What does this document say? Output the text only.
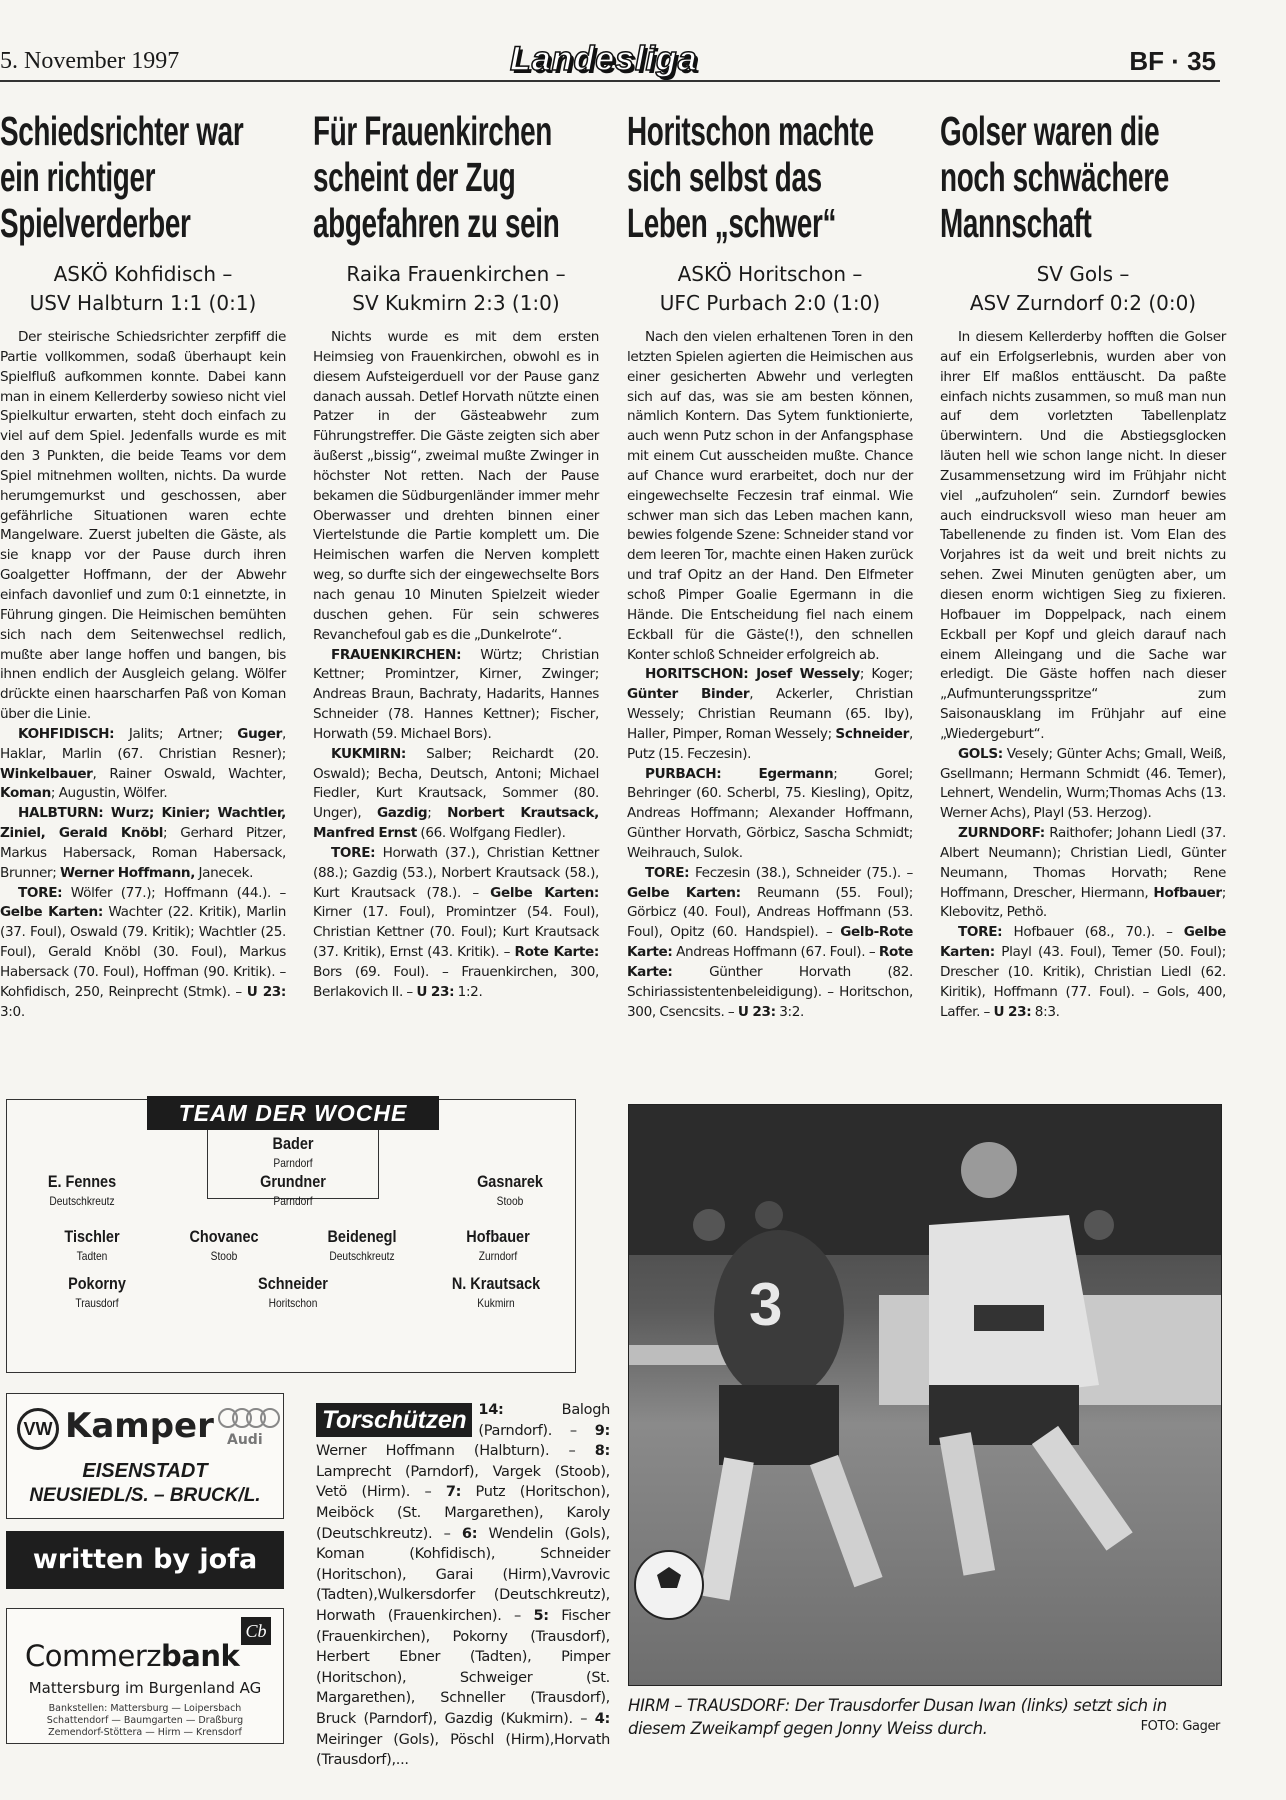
5. November 1997	Landesliga	BF · 35
Schiedsrichter war
ein richtiger
Spielverderber
ASKÖ Kohfidisch –
USV Halbturn 1:1 (0:1)

Der steirische Schiedsrichter zerpfiff die Partie vollkommen, sodaß überhaupt kein Spielfluß aufkommen konnte. Dabei kann man in einem Kellerderby sowieso nicht viel Spielkultur erwarten, steht doch einfach zu viel auf dem Spiel. Jedenfalls wurde es mit den 3 Punkten, die beide Teams vor dem Spiel mitnehmen wollten, nichts. Da wurde herumgemurkst und geschossen, aber gefährliche Situationen waren echte Mangelware. Zuerst jubelten die Gäste, als sie knapp vor der Pause durch ihren Goalgetter Hoffmann, der der Abwehr einfach davonlief und zum 0:1 einnetzte, in Führung gingen. Die Heimischen bemühten sich nach dem Seitenwechsel redlich, mußte aber lange hoffen und bangen, bis ihnen endlich der Ausgleich gelang. Wölfer drückte einen haarscharfen Paß von Koman über die Linie.

KOHFIDISCH: Jalits; Artner; Guger, Haklar, Marlin (67. Christian Resner); Winkelbauer, Rainer Oswald, Wachter, Koman; Augustin, Wölfer.

HALBTURN: Wurz; Kinier; Wachtler, Ziniel, Gerald Knöbl; Gerhard Pitzer, Markus Habersack, Roman Habersack, Brunner; Werner Hoffmann, Janecek.

TORE: Wölfer (77.); Hoffmann (44.). – Gelbe Karten: Wachter (22. Kritik), Marlin (37. Foul), Oswald (79. Kritik); Wachtler (25. Foul), Gerald Knöbl (30. Foul), Markus Habersack (70. Foul), Hoffman (90. Kritik). – Kohfidisch, 250, Reinprecht (Stmk). – U 23: 3:0.

Für Frauenkirchen
scheint der Zug
abgefahren zu sein
Raika Frauenkirchen –
SV Kukmirn 2:3 (1:0)

Nichts wurde es mit dem ersten Heimsieg von Frauenkirchen, obwohl es in diesem Aufsteigerduell vor der Pause ganz danach aussah. Detlef Horvath nützte einen Patzer in der Gästeabwehr zum Führungstreffer. Die Gäste zeigten sich aber äußerst „bissig“, zweimal mußte Zwinger in höchster Not retten. Nach der Pause bekamen die Südburgenländer immer mehr Oberwasser und drehten binnen einer Viertelstunde die Partie komplett um. Die Heimischen warfen die Nerven komplett weg, so durfte sich der eingewechselte Bors nach genau 10 Minuten Spielzeit wieder duschen gehen. Für sein schweres Revanchefoul gab es die „Dunkelrote“.

FRAUENKIRCHEN: Würtz; Christian Kettner; Promintzer, Kirner, Zwinger; Andreas Braun, Bachraty, Hadarits, Hannes Schneider (78. Hannes Kettner); Fischer, Horwath (59. Michael Bors).

KUKMIRN: Salber; Reichardt (20. Oswald); Becha, Deutsch, Antoni; Michael Fiedler, Kurt Krautsack, Sommer (80. Unger), Gazdig; Norbert Krautsack, Manfred Ernst (66. Wolfgang Fiedler).

TORE: Horwath (37.), Christian Kettner (88.); Gazdig (53.), Norbert Krautsack (58.), Kurt Krautsack (78.). – Gelbe Karten: Kirner (17. Foul), Promintzer (54. Foul), Christian Kettner (70. Foul); Kurt Krautsack (37. Kritik), Ernst (43. Kritik). – Rote Karte: Bors (69. Foul). – Frauenkirchen, 300, Berlakovich II. – U 23: 1:2.

Horitschon machte
sich selbst das
Leben „schwer“
ASKÖ Horitschon –
UFC Purbach 2:0 (1:0)

Nach den vielen erhaltenen Toren in den letzten Spielen agierten die Heimischen aus einer gesicherten Abwehr und verlegten sich auf das, was sie am besten können, nämlich Kontern. Das Sytem funktionierte, auch wenn Putz schon in der Anfangsphase mit einem Cut ausscheiden mußte. Chance auf Chance wurd erarbeitet, doch nur der eingewechselte Feczesin traf einmal. Wie schwer man sich das Leben machen kann, bewies folgende Szene: Schneider stand vor dem leeren Tor, machte einen Haken zurück und traf Opitz an der Hand. Den Elfmeter schoß Pimper Goalie Egermann in die Hände. Die Entscheidung fiel nach einem Eckball für die Gäste(!), den schnellen Konter schloß Schneider erfolgreich ab.

HORITSCHON: Josef Wessely; Koger; Günter Binder, Ackerler, Christian Wessely; Christian Reumann (65. Iby), Haller, Pimper, Roman Wessely; Schneider, Putz (15. Feczesin).

PURBACH: Egermann; Gorel; Behringer (60. Scherbl, 75. Kiesling), Opitz, Andreas Hoffmann; Alexander Hoffmann, Günther Horvath, Görbicz, Sascha Schmidt; Weihrauch, Sulok.

TORE: Feczesin (38.), Schneider (75.). – Gelbe Karten: Reumann (55. Foul); Görbicz (40. Foul), Andreas Hoffmann (53. Foul), Opitz (60. Handspiel). – Gelb-Rote Karte: Andreas Hoffmann (67. Foul). – Rote Karte: Günther Horvath (82. Schiriassistentenbeleidigung). – Horitschon, 300, Csencsits. – U 23: 3:2.

Golser waren die
noch schwächere
Mannschaft
SV Gols –
ASV Zurndorf 0:2 (0:0)

In diesem Kellerderby hofften die Golser auf ein Erfolgserlebnis, wurden aber von ihrer Elf maßlos enttäuscht. Da paßte einfach nichts zusammen, so muß man nun auf dem vorletzten Tabellenplatz überwintern. Und die Abstiegsglocken läuten hell wie schon lange nicht. In dieser Zusammensetzung wird im Frühjahr nicht viel „aufzuholen“ sein. Zurndorf bewies auch eindrucksvoll wieso man heuer am Tabellenende zu finden ist. Vom Elan des Vorjahres ist da weit und breit nichts zu sehen. Zwei Minuten genügten aber, um diesen enorm wichtigen Sieg zu fixieren. Hofbauer im Doppelpack, nach einem Eckball per Kopf und gleich darauf nach einem Alleingang und die Sache war erledigt. Die Gäste hoffen nach dieser „Aufmunterungsspritze“ zum Saisonausklang im Frühjahr auf eine „Wiedergeburt“.

GOLS: Vesely; Günter Achs; Gmall, Weiß, Gsellmann; Hermann Schmidt (46. Temer), Lehnert, Wendelin, Wurm;Thomas Achs (13. Werner Achs), Playl (53. Herzog).

ZURNDORF: Raithofer; Johann Liedl (37. Albert Neumann); Christian Liedl, Günter Neumann, Thomas Horvath; Rene Hoffmann, Drescher, Hiermann, Hofbauer; Klebovitz, Pethö.

TORE: Hofbauer (68., 70.). – Gelbe Karten: Playl (43. Foul), Temer (50. Foul); Drescher (10. Kritik), Christian Liedl (62. Kiritik), Hoffmann (77. Foul). – Gols, 400, Laffer. – U 23: 8:3.

TEAM DER WOCHE
Bader
Parndorf
E. Fennes
Deutschkreutz
Grundner
Parndorf
Gasnarek
Stoob
Tischler
Tadten
Chovanec
Stoob
Beidenegl
Deutschkreutz
Hofbauer
Zurndorf
Pokorny
Trausdorf
Schneider
Horitschon
N. Krautsack
Kukmirn
VW Kamper Audi
EISENSTADT
NEUSIEDL/S. – BRUCK/L.
written by jofa
Cb
Commerzbank
Mattersburg im Burgenland AG
Bankstellen: Mattersburg — Loipersbach
Schattendorf — Baumgarten — Draßburg
Zemendorf-Stöttera — Hirm — Krensdorf
Torschützen 14: Balogh (Parndorf). – 9: Werner Hoffmann (Halbturn). – 8: Lamprecht (Parndorf), Vargek (Stoob), Vetö (Hirm). – 7: Putz (Horitschon), Meiböck (St. Margarethen), Karoly (Deutschkreutz). – 6: Wendelin (Gols), Koman (Kohfidisch), Schneider (Horitschon), Garai (Hirm),Vavrovic (Tadten),Wulkersdorfer (Deutschkreutz), Horwath (Frauenkirchen). – 5: Fischer (Frauenkirchen), Pokorny (Trausdorf), Herbert Ebner (Tadten), Pimper (Horitschon), Schweiger (St. Margarethen), Schneller (Trausdorf), Bruck (Parndorf), Gazdig (Kukmirn). – 4: Meiringer (Gols), Pöschl (Hirm),Horvath (Trausdorf),...
3
HIRM – TRAUSDORF: Der Trausdorfer Dusan Iwan (links) setzt sich in diesem Zweikampf gegen Jonny Weiss durch.	FOTO: Gager
